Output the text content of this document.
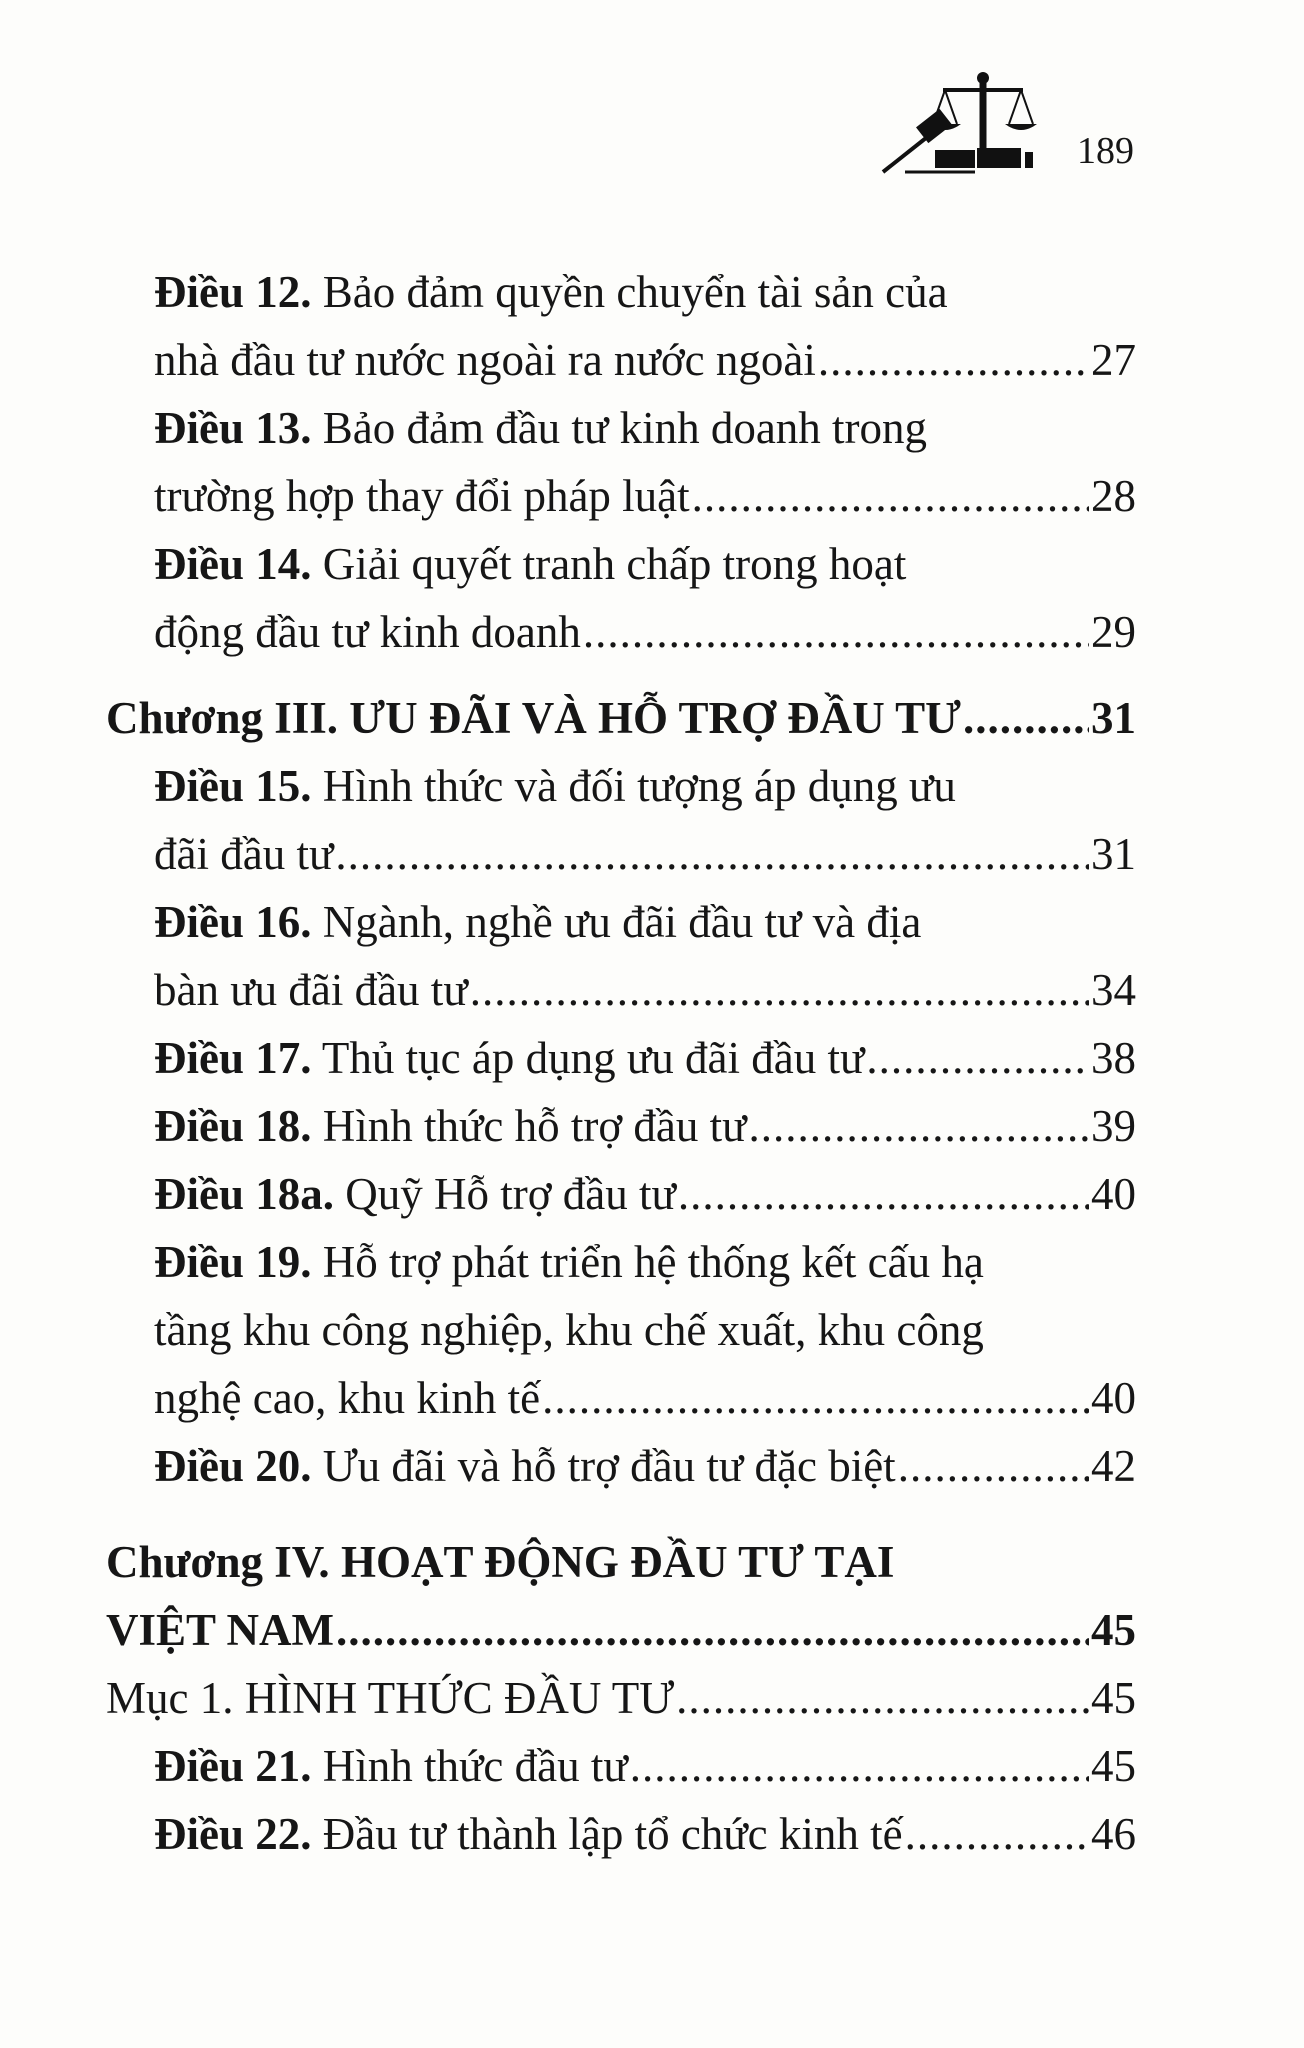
189
Điều 12. Bảo đảm quyền chuyển tài sản của
nhà đầu tư nước ngoài ra nước ngoài .....	27
Điều 13. Bảo đảm đầu tư kinh doanh trong
trường hợp thay đổi pháp luật .....	28
Điều 14. Giải quyết tranh chấp trong hoạt
động đầu tư kinh doanh .....	29
Chương III. ƯU ĐÃI VÀ HỖ TRỢ ĐẦU TƯ .....	31
Điều 15. Hình thức và đối tượng áp dụng ưu
đãi đầu tư .....	31
Điều 16. Ngành, nghề ưu đãi đầu tư và địa
bàn ưu đãi đầu tư .....	34
Điều 17. Thủ tục áp dụng ưu đãi đầu tư .....	38
Điều 18. Hình thức hỗ trợ đầu tư .....	39
Điều 18a. Quỹ Hỗ trợ đầu tư .....	40
Điều 19. Hỗ trợ phát triển hệ thống kết cấu hạ
tầng khu công nghiệp, khu chế xuất, khu công
nghệ cao, khu kinh tế .....	40
Điều 20. Ưu đãi và hỗ trợ đầu tư đặc biệt .....	42
Chương IV. HOẠT ĐỘNG ĐẦU TƯ TẠI
VIỆT NAM .....	45
Mục 1. HÌNH THỨC ĐẦU TƯ .....	45
Điều 21. Hình thức đầu tư .....	45
Điều 22. Đầu tư thành lập tổ chức kinh tế .....	46
